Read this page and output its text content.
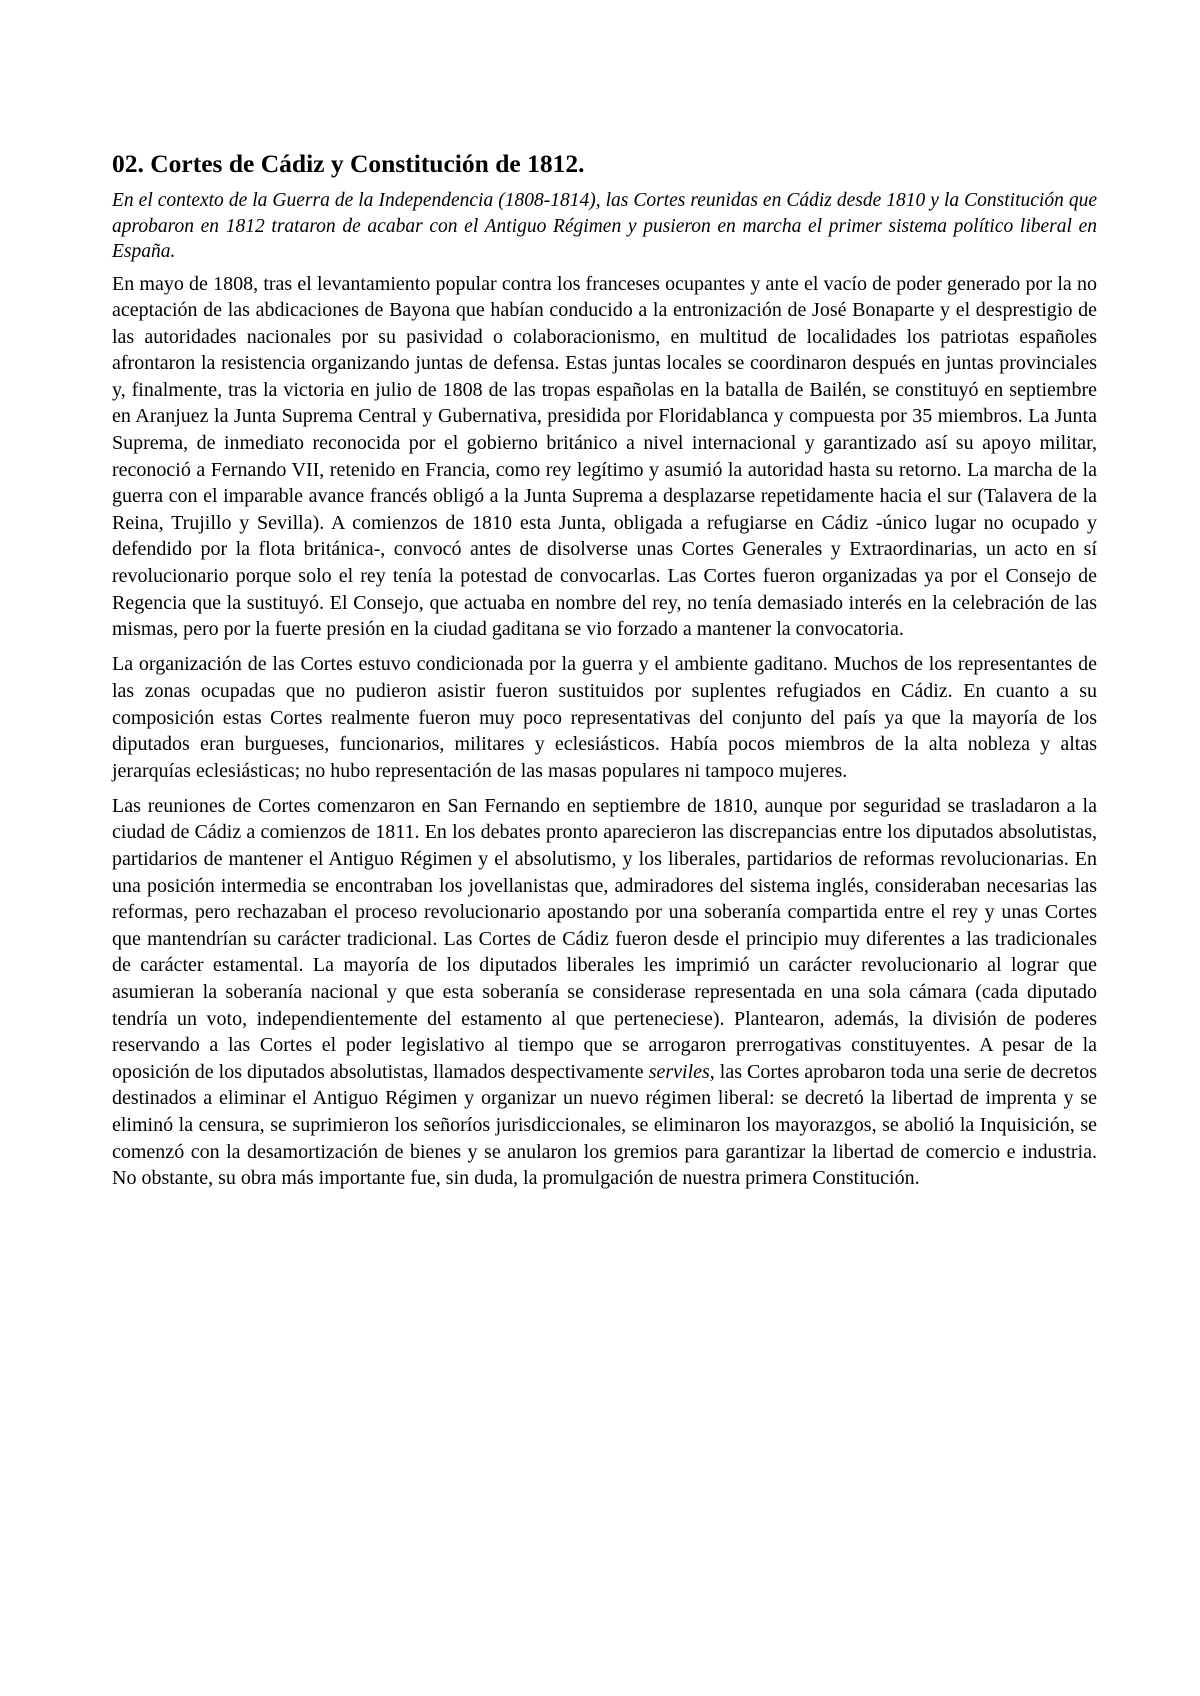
02. Cortes de Cádiz y Constitución de 1812.

En el contexto de la Guerra de la Independencia (1808-1814), las Cortes reunidas en Cádiz desde 1810 y la Constitución que aprobaron en 1812 trataron de acabar con el Antiguo Régimen y pusieron en marcha el primer sistema político liberal en España.

En mayo de 1808, tras el levantamiento popular contra los franceses ocupantes y ante el vacío de poder generado por la no aceptación de las abdicaciones de Bayona que habían conducido a la entronización de José Bonaparte y el desprestigio de las autoridades nacionales por su pasividad o colaboracionismo, en multitud de localidades los patriotas españoles afrontaron la resistencia organizando juntas de defensa. Estas juntas locales se coordinaron después en juntas provinciales y, finalmente, tras la victoria en julio de 1808 de las tropas españolas en la batalla de Bailén, se constituyó en septiembre en Aranjuez la Junta Suprema Central y Gubernativa, presidida por Floridablanca y compuesta por 35 miembros. La Junta Suprema, de inmediato reconocida por el gobierno británico a nivel internacional y garantizado así su apoyo militar, reconoció a Fernando VII, retenido en Francia, como rey legítimo y asumió la autoridad hasta su retorno. La marcha de la guerra con el imparable avance francés obligó a la Junta Suprema a desplazarse repetidamente hacia el sur (Talavera de la Reina, Trujillo y Sevilla). A comienzos de 1810 esta Junta, obligada a refugiarse en Cádiz -único lugar no ocupado y defendido por la flota británica-, convocó antes de disolverse unas Cortes Generales y Extraordinarias, un acto en sí revolucionario porque solo el rey tenía la potestad de convocarlas. Las Cortes fueron organizadas ya por el Consejo de Regencia que la sustituyó. El Consejo, que actuaba en nombre del rey, no tenía demasiado interés en la celebración de las mismas, pero por la fuerte presión en la ciudad gaditana se vio forzado a mantener la convocatoria.

La organización de las Cortes estuvo condicionada por la guerra y el ambiente gaditano. Muchos de los representantes de las zonas ocupadas que no pudieron asistir fueron sustituidos por suplentes refugiados en Cádiz. En cuanto a su composición estas Cortes realmente fueron muy poco representativas del conjunto del país ya que la mayoría de los diputados eran burgueses, funcionarios, militares y eclesiásticos. Había pocos miembros de la alta nobleza y altas jerarquías eclesiásticas; no hubo representación de las masas populares ni tampoco mujeres.

Las reuniones de Cortes comenzaron en San Fernando en septiembre de 1810, aunque por seguridad se trasladaron a la ciudad de Cádiz a comienzos de 1811. En los debates pronto aparecieron las discrepancias entre los diputados absolutistas, partidarios de mantener el Antiguo Régimen y el absolutismo, y los liberales, partidarios de reformas revolucionarias. En una posición intermedia se encontraban los jovellanistas que, admiradores del sistema inglés, consideraban necesarias las reformas, pero rechazaban el proceso revolucionario apostando por una soberanía compartida entre el rey y unas Cortes que mantendrían su carácter tradicional. Las Cortes de Cádiz fueron desde el principio muy diferentes a las tradicionales de carácter estamental. La mayoría de los diputados liberales les imprimió un carácter revolucionario al lograr que asumieran la soberanía nacional y que esta soberanía se considerase representada en una sola cámara (cada diputado tendría un voto, independientemente del estamento al que perteneciese). Plantearon, además, la división de poderes reservando a las Cortes el poder legislativo al tiempo que se arrogaron prerrogativas constituyentes. A pesar de la oposición de los diputados absolutistas, llamados despectivamente serviles, las Cortes aprobaron toda una serie de decretos destinados a eliminar el Antiguo Régimen y organizar un nuevo régimen liberal: se decretó la libertad de imprenta y se eliminó la censura, se suprimieron los señoríos jurisdiccionales, se eliminaron los mayorazgos, se abolió la Inquisición, se comenzó con la desamortización de bienes y se anularon los gremios para garantizar la libertad de comercio e industria. No obstante, su obra más importante fue, sin duda, la promulgación de nuestra primera Constitución.
